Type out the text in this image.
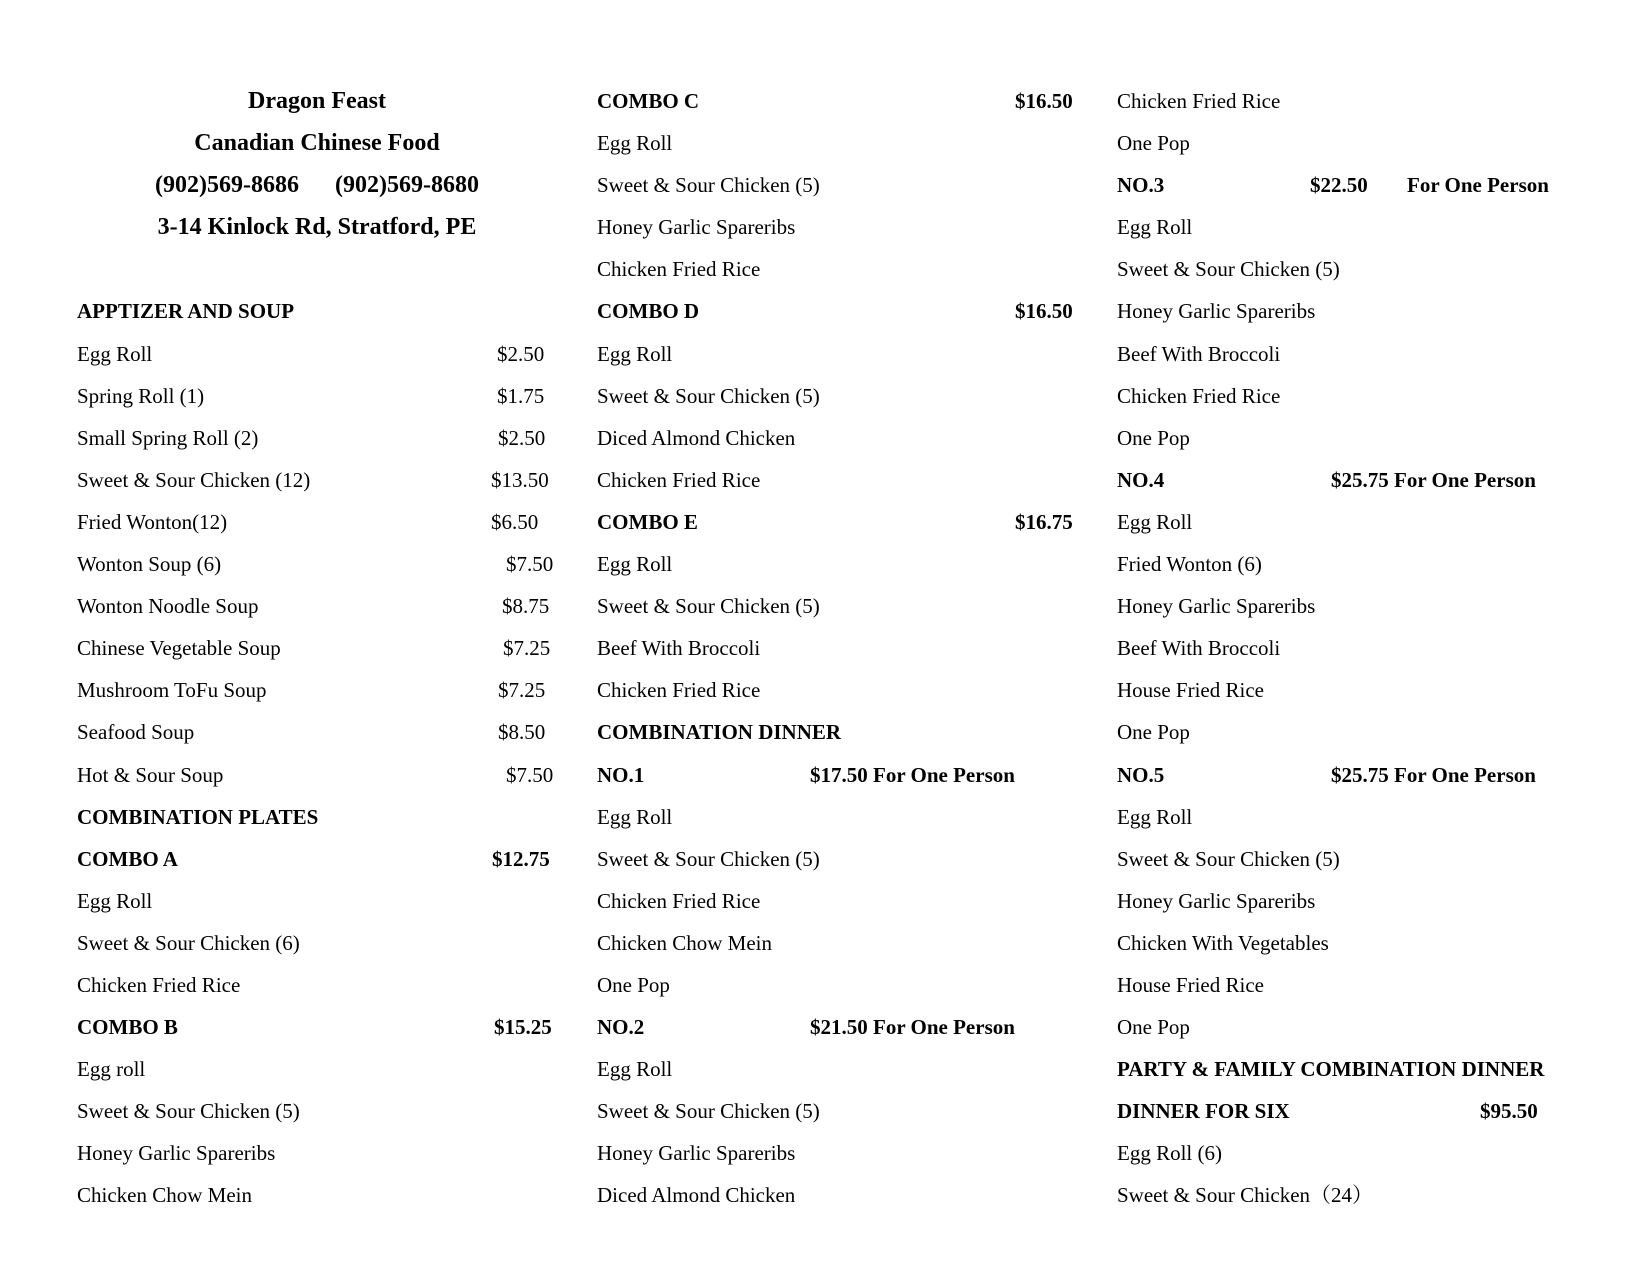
Dragon Feast
Canadian Chinese Food
(902)569-8686 (902)569-8680
3-14 Kinlock Rd, Stratford, PE
APPTIZER AND SOUP
Egg Roll	$2.50
Spring Roll (1)	$1.75
Small Spring Roll (2)	$2.50
Sweet & Sour Chicken (12)	$13.50
Fried Wonton(12)	$6.50
Wonton Soup (6)	$7.50
Wonton Noodle Soup	$8.75
Chinese Vegetable Soup	$7.25
Mushroom ToFu Soup	$7.25
Seafood Soup	$8.50
Hot & Sour Soup	$7.50
COMBINATION PLATES
COMBO A	$12.75
Egg Roll
Sweet & Sour Chicken (6)
Chicken Fried Rice
COMBO B	$15.25
Egg roll
Sweet & Sour Chicken (5)
Honey Garlic Spareribs
Chicken Chow Mein
COMBO C	$16.50
Egg Roll
Sweet & Sour Chicken (5)
Honey Garlic Spareribs
Chicken Fried Rice
COMBO D	$16.50
Egg Roll
Sweet & Sour Chicken (5)
Diced Almond Chicken
Chicken Fried Rice
COMBO E	$16.75
Egg Roll
Sweet & Sour Chicken (5)
Beef With Broccoli
Chicken Fried Rice
COMBINATION DINNER
NO.1	$17.50 For One Person
Egg Roll
Sweet & Sour Chicken (5)
Chicken Fried Rice
Chicken Chow Mein
One Pop
NO.2	$21.50 For One Person
Egg Roll
Sweet & Sour Chicken (5)
Honey Garlic Spareribs
Diced Almond Chicken
Chicken Fried Rice
One Pop
NO.3	$22.50 For One Person
Egg Roll
Sweet & Sour Chicken (5)
Honey Garlic Spareribs
Beef With Broccoli
Chicken Fried Rice
One Pop
NO.4	$25.75 For One Person
Egg Roll
Fried Wonton (6)
Honey Garlic Spareribs
Beef With Broccoli
House Fried Rice
One Pop
NO.5	$25.75 For One Person
Egg Roll
Sweet & Sour Chicken (5)
Honey Garlic Spareribs
Chicken With Vegetables
House Fried Rice
One Pop
PARTY & FAMILY COMBINATION DINNER
DINNER FOR SIX	$95.50
Egg Roll (6)
Sweet & Sour Chicken（24）
